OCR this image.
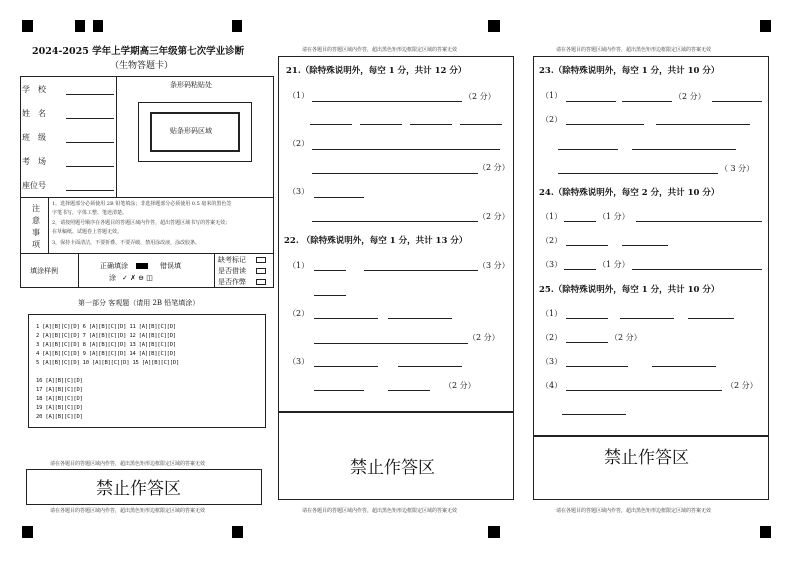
2024-2025 学年上学期高三年级第七次学业诊断
（生物答题卡）
学　校
姓　名
班　级
考　场
座位号
条形码粘贴处
贴条形码区域
注意事项
1，选择题部分必须使用 2B 铅笔填涂；非选择题部分必须使用 0.5 毫米的黑色签
字笔书写，字体工整、笔迹清楚。
2，请按照题号顺序在各题目的答题区域内作答，超出答题区域书写的答案无效；
在草稿纸、试题卷上答题无效。
3，保持卡面清洁，不要折叠、不要弄破，禁用涂改液，涂改胶条。
填涂样例
正确填涂	错误填
涂 ✓ ✗ ⊖ ◫
缺考标记
是否借读
是否作弊
第一部分 客观题（请用 2B 铅笔填涂）
1 [A][B][C][D] 6 [A][B][C][D] 11 [A][B][C][D]
2 [A][B][C][D] 7 [A][B][C][D] 12 [A][B][C][D]
3 [A][B][C][D] 8 [A][B][C][D] 13 [A][B][C][D]
4 [A][B][C][D] 9 [A][B][C][D] 14 [A][B][C][D]
5 [A][B][C][D] 10 [A][B][C][D] 15 [A][B][C][D]
16 [A][B][C][D]
17 [A][B][C][D]
18 [A][B][C][D]
19 [A][B][C][D]
20 [A][B][C][D]
请在各题目的答题区域内作答，超出黑色矩形边框限定区域的答案无效
禁止作答区
请在各题目的答题区域内作答，超出黑色矩形边框限定区域的答案无效
请在各题目的答题区域内作答，超出黑色矩形边框限定区域的答案无效
21.（除特殊说明外，每空 1 分，共计 12 分）
（1）	（2 分）
（2）
（2 分）
（3）
（2 分）
22. （除特殊说明外，每空 1 分，共计 13 分）
（1）	（3 分）
（2）
（2 分）
（3）
（2 分）
禁止作答区
请在各题目的答题区域内作答，超出黑色矩形边框限定区域的答案无效
请在各题目的答题区域内作答，超出黑色矩形边框限定区域的答案无效
23.（除特殊说明外，每空 1 分，共计 10 分）
（1）	（2 分）
（2）
（ 3 分）
24.（除特殊说明外，每空 2 分，共计 10 分）
（1）	（1 分）
（2）
（3）	（1 分）
25.（除特殊说明外，每空 1 分，共计 10 分）
（1）
（2）	（2 分）
（3）
（4）	（2 分）
禁止作答区
请在各题目的答题区域内作答，超出黑色矩形边框限定区域的答案无效
